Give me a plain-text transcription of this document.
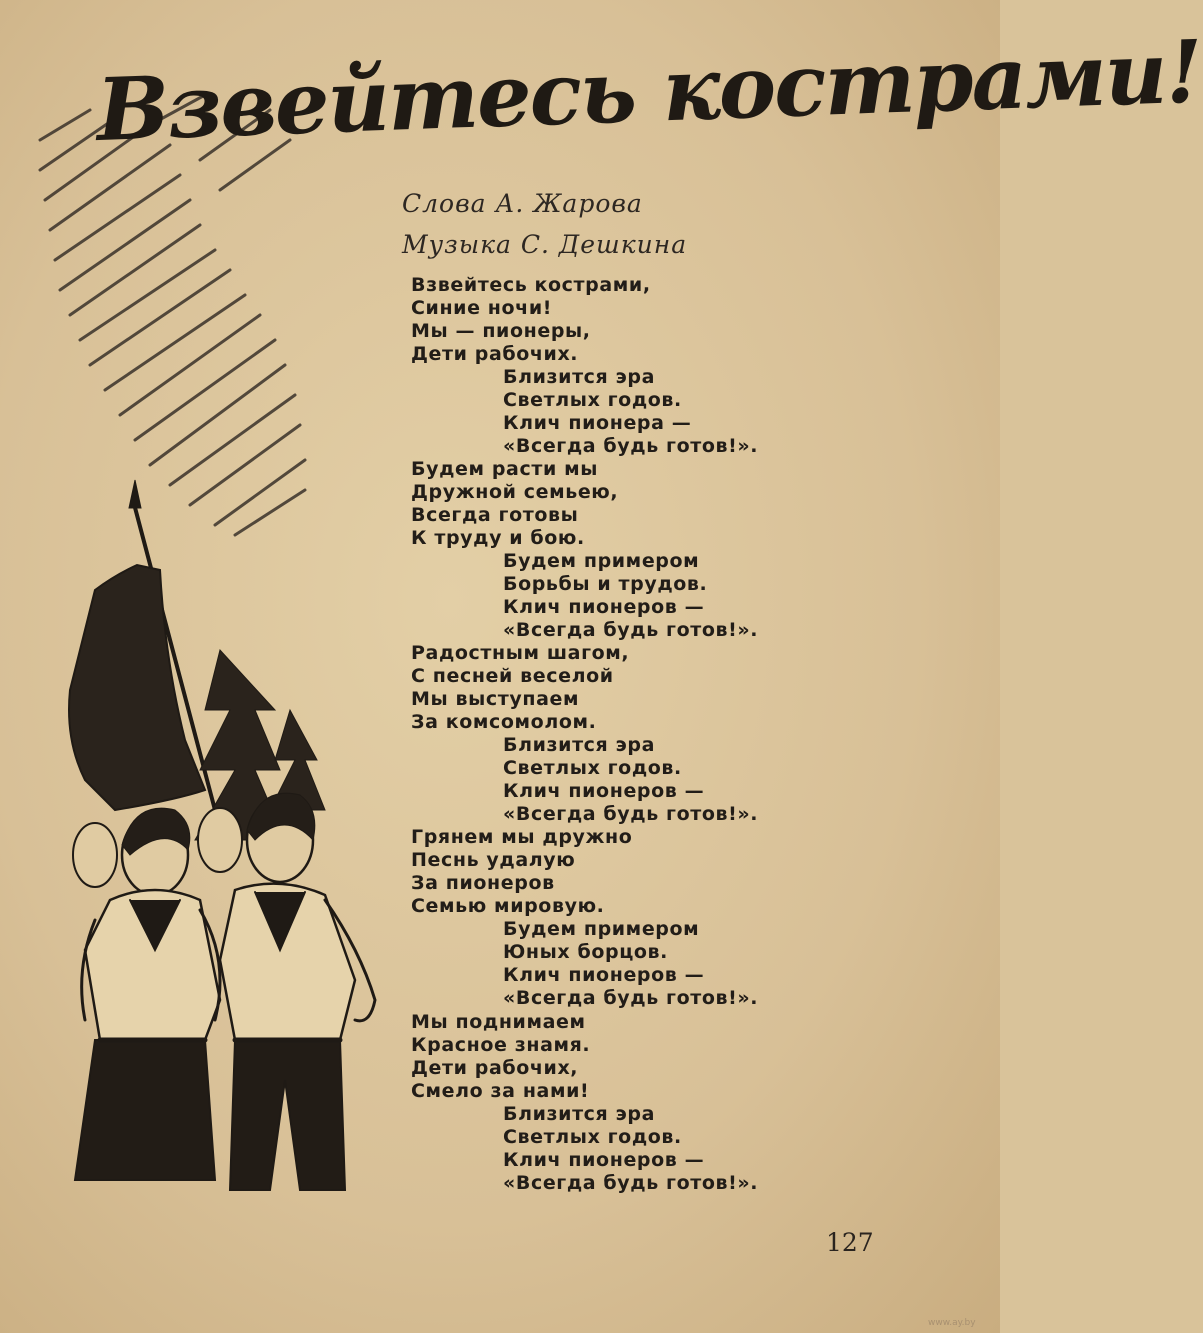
Взвейтесь кострами!
Слова А. Жарова
Музыка С. Дешкина
Взвейтесь кострами,
Синие ночи!
Мы — пионеры,
Дети рабочих.
Близится эра
Светлых годов.
Клич пионера —
«Всегда будь готов!».
Будем расти мы
Дружной семьею,
Всегда готовы
К труду и бою.
Будем примером
Борьбы и трудов.
Клич пионеров —
«Всегда будь готов!».
Радостным шагом,
С песней веселой
Мы выступаем
За комсомолом.
Близится эра
Светлых годов.
Клич пионеров —
«Всегда будь готов!».
Грянем мы дружно
Песнь удалую
За пионеров
Семью мировую.
Будем примером
Юных борцов.
Клич пионеров —
«Всегда будь готов!».
Мы поднимаем
Красное знамя.
Дети рабочих,
Смело за нами!
Близится эра
Светлых годов.
Клич пионеров —
«Всегда будь готов!».
127
www.ay.by
